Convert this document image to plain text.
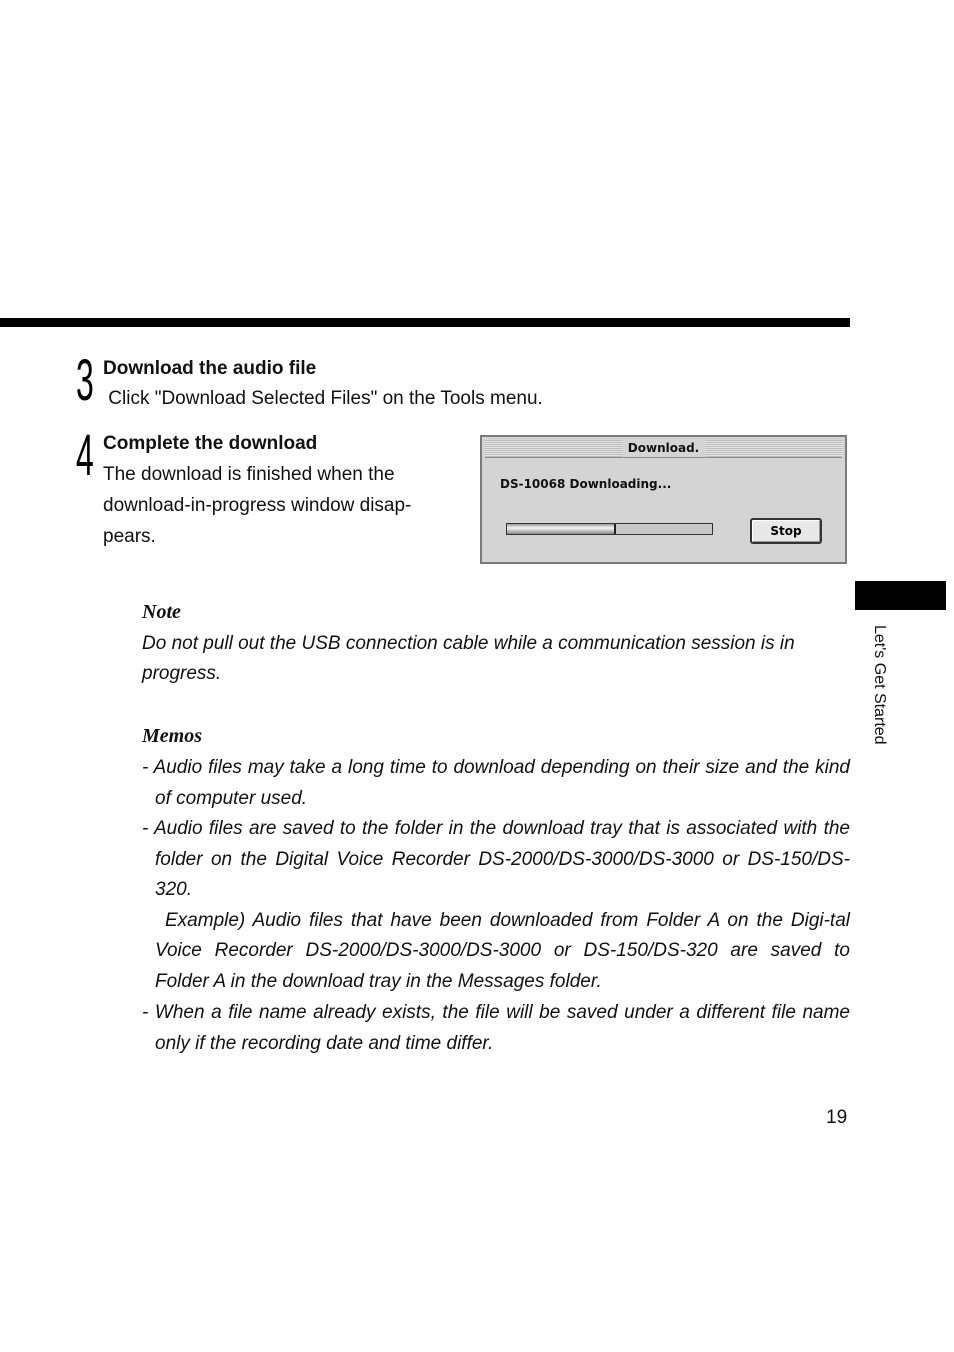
3 Download the audio file
Click "Download Selected Files" on the Tools menu.
4 Complete the download
The download is finished when the
download-in-progress window disap-
pears.
Download.
DS-10068 Downloading...
Stop
Note
Do not pull out the USB connection cable while a communication session is in
progress.
Memos
- Audio files may take a long time to download depending on their size and the kind of computer used.
- Audio files are saved to the folder in the download tray that is associated with the folder on the Digital Voice Recorder DS-2000/DS-3000/DS-3000 or DS-150/DS-320.
Example) Audio files that have been downloaded from Folder A on the Digi-tal Voice Recorder DS-2000/DS-3000/DS-3000 or DS-150/DS-320 are saved to Folder A in the download tray in the Messages folder.
- When a file name already exists, the file will be saved under a different file name only if the recording date and time differ.
Let's Get Started
19
